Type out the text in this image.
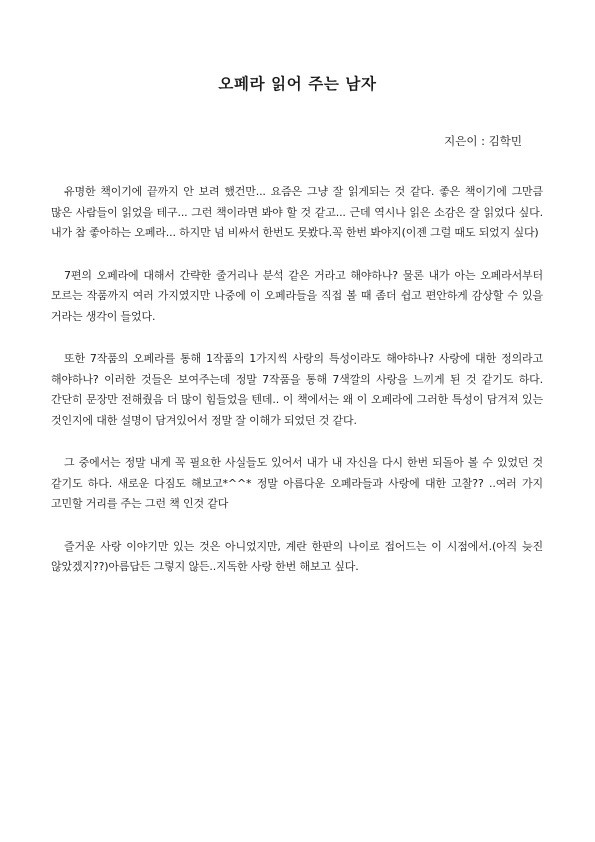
오페라 읽어 주는 남자

지은이 : 김학민

유명한 책이기에 끝까지 안 보려 했건만... 요즘은 그냥 잘 읽게되는 것 같다. 좋은 책이기에 그만큼 많은 사람들이 읽었을 테구... 그런 책이라면 봐야 할 것 같고... 근데 역시나 읽은 소감은 잘 읽었다 싶다. 내가 참 좋아하는 오페라... 하지만 넘 비싸서 한번도 못봤다.꼭 한번 봐야지(이젠 그럴 때도 되었지 싶다)

7편의 오페라에 대해서 간략한 줄거리나 분석 같은 거라고 해야하나? 물론 내가 아는 오페라서부터 모르는 작품까지 여러 가지였지만 나중에 이 오페라들을 직접 볼 때 좀더 쉽고 편안하게 감상할 수 있을 거라는 생각이 들었다.

또한 7작품의 오페라를 통해 1작품의 1가지씩 사랑의 특성이라도 해야하나? 사랑에 대한 정의라고 해야하나? 이러한 것들은 보여주는데 정말 7작품을 통해 7색깔의 사랑을 느끼게 된 것 같기도 하다. 간단히 문장만 전해줬음 더 많이 힘들었을 텐데.. 이 책에서는 왜 이 오페라에 그러한 특성이 담겨져 있는 것인지에 대한 설명이 담겨있어서 정말 잘 이해가 되었던 것 같다.

그 중에서는 정말 내게 꼭 필요한 사실들도 있어서 내가 내 자신을 다시 한번 되돌아 볼 수 있었던 것 같기도 하다. 새로운 다짐도 해보고*^^* 정말 아름다운 오페라들과 사랑에 대한 고찰?? ..여러 가지 고민할 거리를 주는 그런 책 인것 같다

즐거운 사랑 이야기만 있는 것은 아니었지만, 계란 한판의 나이로 접어드는 이 시점에서.(아직 늦진 않았겠지??)아름답든 그렇지 않든..지독한 사랑 한번 해보고 싶다.
